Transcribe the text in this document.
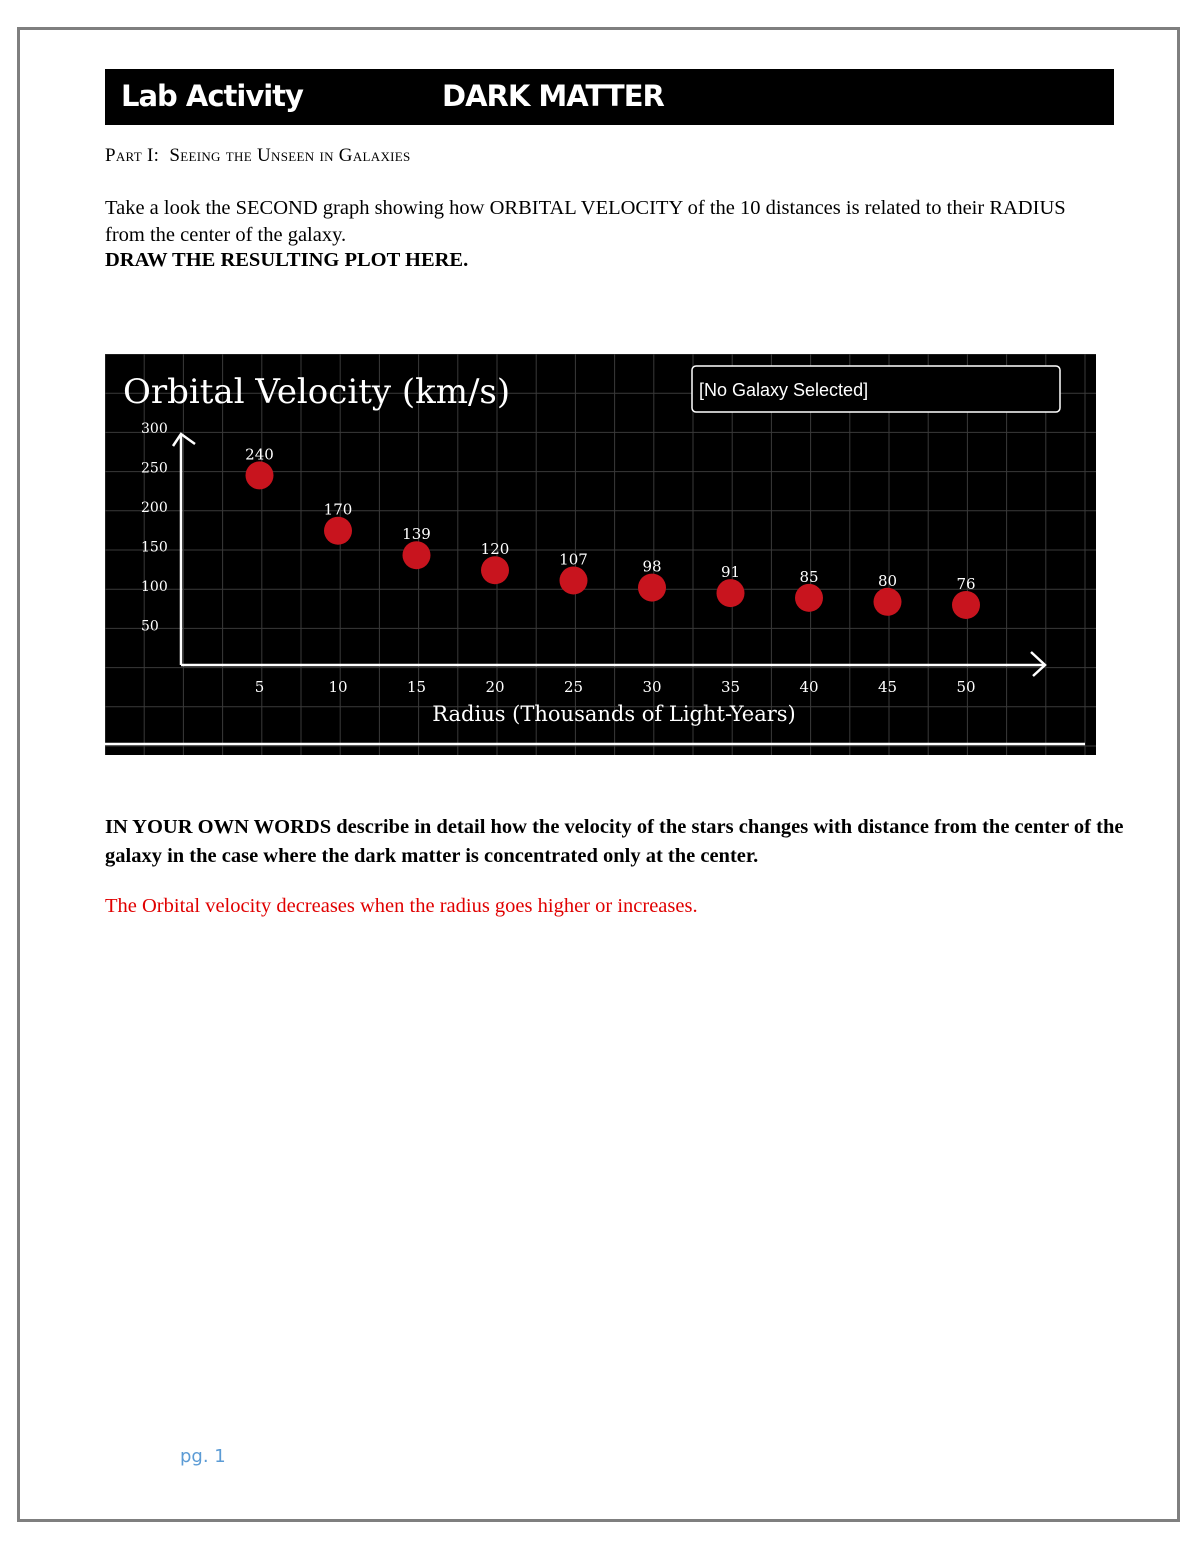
Lab Activity	DARK MATTER
Part I: Seeing the Unseen in Galaxies
Take a look the SECOND graph showing how ORBITAL VELOCITY of the 10 distances is related to their RADIUS from the center of the galaxy.
DRAW THE RESULTING PLOT HERE.
Orbital Velocity (km/s)	[No Galaxy Selected]
50
100
150
200
250
300
5	10	15	20	25	30	35	40	45	50
240
170
139
120
107	98	91	85	80	76
Radius (Thousands of Light-Years)
IN YOUR OWN WORDS describe in detail how the velocity of the stars changes with distance from the center of the galaxy in the case where the dark matter is concentrated only at the center.
The Orbital velocity decreases when the radius goes higher or increases.
pg. 1
